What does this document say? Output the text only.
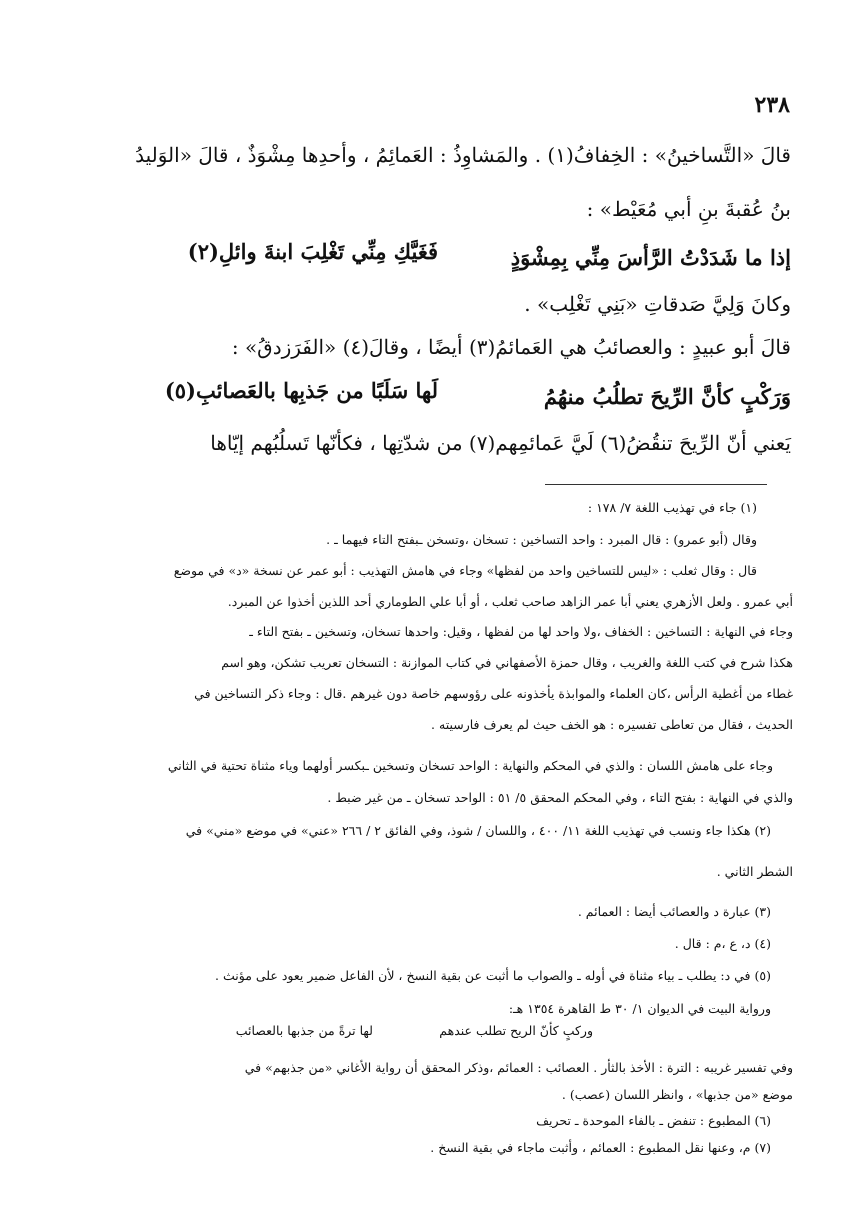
٢٣٨
قالَ «التَّساخينُ» : الخِفافُ(١) . والمَشاوِذُ : العَمائِمُ ، وأحدِها مِشْوَذٌ ، قالَ «الوَليدُ
بنُ عُقبةَ بنِ أبي مُعَيْط» :
إذا ما شَدَدْتُ الرَّأسَ مِنِّي بِمِشْوَذٍ
فَغَيَّكِ مِنِّي تَغْلِبَ ابنةَ وائلِ(٢)
وكانَ وَلِيَّ صَدقاتِ «بَنِي تَغْلِب» .
قالَ أبو عبيدٍ : والعصائبُ هي العَمائمُ(٣) أيضًا ، وقالَ(٤) «الفَرَزدقُ» :
وَرَكْبٍ كأنَّ الرِّيحَ تطلُبُ منهُمُ
لَها سَلَبًا من جَذبِها بالعَصائبِ(٥)
يَعني أنّ الرِّيحَ تنقُضُ(٦) لَيَّ عَمائمِهم(٧) من شدّتِها ، فكأنّها تَسلُبُهم إيّاها
(١) جاء في تهذيب اللغة ٧/ ١٧٨ :
وقال (أبو عمرو) : قال المبرد : واحد التساخين : تسخان ،وتسخن ـبفتح التاء فيهما ـ .
قال : وقال ثعلب : «ليس للتساخين واحد من لفظها» وجاء في هامش التهذيب : أبو عمر عن نسخة «د» في موضع
أبي عمرو . ولعل الأزهري يعني أبا عمر الزاهد صاحب ثعلب ، أو أبا علي الطوماري أحد اللذين أخذوا عن المبرد.
وجاء في النهاية : التساخين : الخفاف ،ولا واحد لها من لفظها ، وقيل: واحدها تسخان، وتسخين ـ بفتح التاء ـ
هكذا شرح في كتب اللغة والغريب ، وقال حمزة الأصفهاني في كتاب الموازنة : التسخان تعريب تشكن، وهو اسم
غطاء من أغطية الرأس ،كان العلماء والموابذة يأخذونه على رؤوسهم خاصة دون غيرهم .قال : وجاء ذكر التساخين في
الحديث ، فقال من تعاطى تفسيره : هو الخف حيث لم يعرف فارسيته .
وجاء على هامش اللسان : والذي في المحكم والنهاية : الواحد تسخان وتسخين ـبكسر أولهما وياء مثناة تحتية في الثاني
والذي في النهاية : بفتح التاء ، وفي المحكم المحقق ٥/ ٥١ : الواحد تسخان ـ من غير ضبط .
(٢) هكذا جاء ونسب في تهذيب اللغة ١١/ ٤٠٠ ، واللسان / شوذ، وفي الفائق ٢ / ٢٦٦ «عني» في موضع «مني» في
الشطر الثاني .
(٣) عبارة د والعصائب أيضا : العمائم .
(٤) د، ع ،م : قال .
(٥) في د: يطلب ـ بياء مثناة في أوله ـ والصواب ما أثبت عن بقية النسخ ، لأن الفاعل ضمير يعود على مؤنث .
ورواية البيت في الديوان ١/ ٣٠ ط القاهرة ١٣٥٤ هـ:
وركبٍ كأنّ الريح تطلب عندهم
لها ترةً من جذبها بالعصائب
وفي تفسير غريبه : الترة : الأخذ بالثأر . العصائب : العمائم ،وذكر المحقق أن رواية الأغاني «من جذبهم» في
موضع «من جذبها» ، وانظر اللسان (عصب) .
(٦) المطبوع : تنفض ـ بالفاء الموحدة ـ تحريف
(٧) م، وعنها نقل المطبوع : العمائم ، وأثبت ماجاء في بقية النسخ .
